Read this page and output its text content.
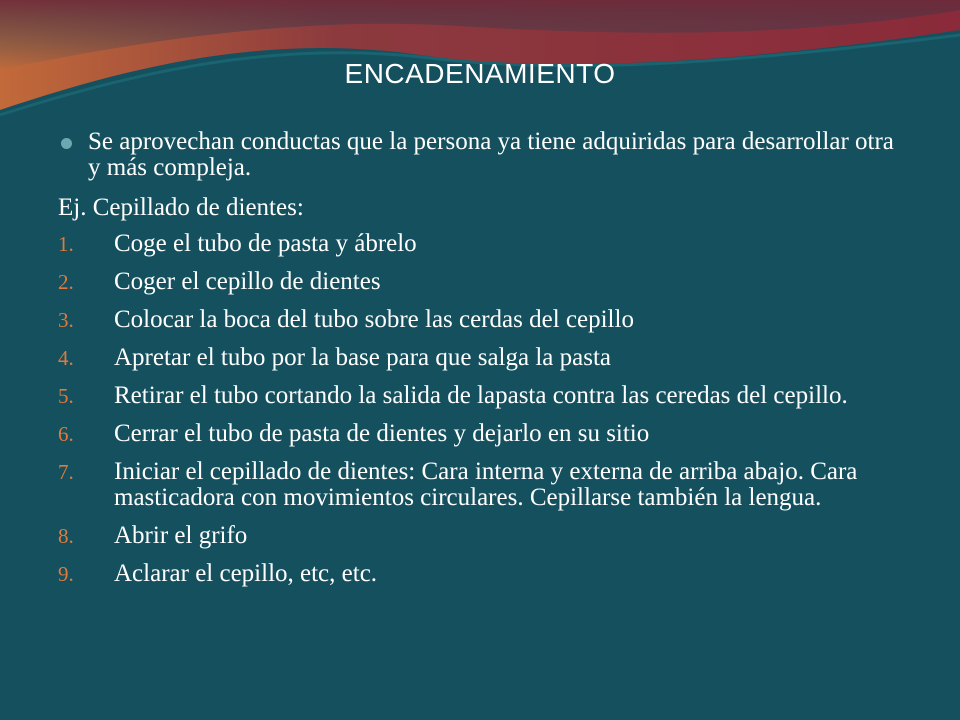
ENCADENAMIENTO
Se aprovechan conductas que la persona ya tiene adquiridas para desarrollar otra y más compleja.
Ej. Cepillado de dientes:
1. Coge el tubo de pasta y ábrelo
2. Coger el cepillo de dientes
3. Colocar la boca del tubo sobre las cerdas del cepillo
4. Apretar el tubo por la base para que salga la pasta
5. Retirar el tubo cortando la salida de lapasta contra las ceredas del cepillo.
6. Cerrar el tubo de pasta de dientes y dejarlo en su sitio
7. Iniciar el cepillado de dientes: Cara interna y externa de arriba abajo. Cara masticadora con movimientos circulares. Cepillarse también la lengua.
8. Abrir el grifo
9. Aclarar el cepillo, etc, etc.
